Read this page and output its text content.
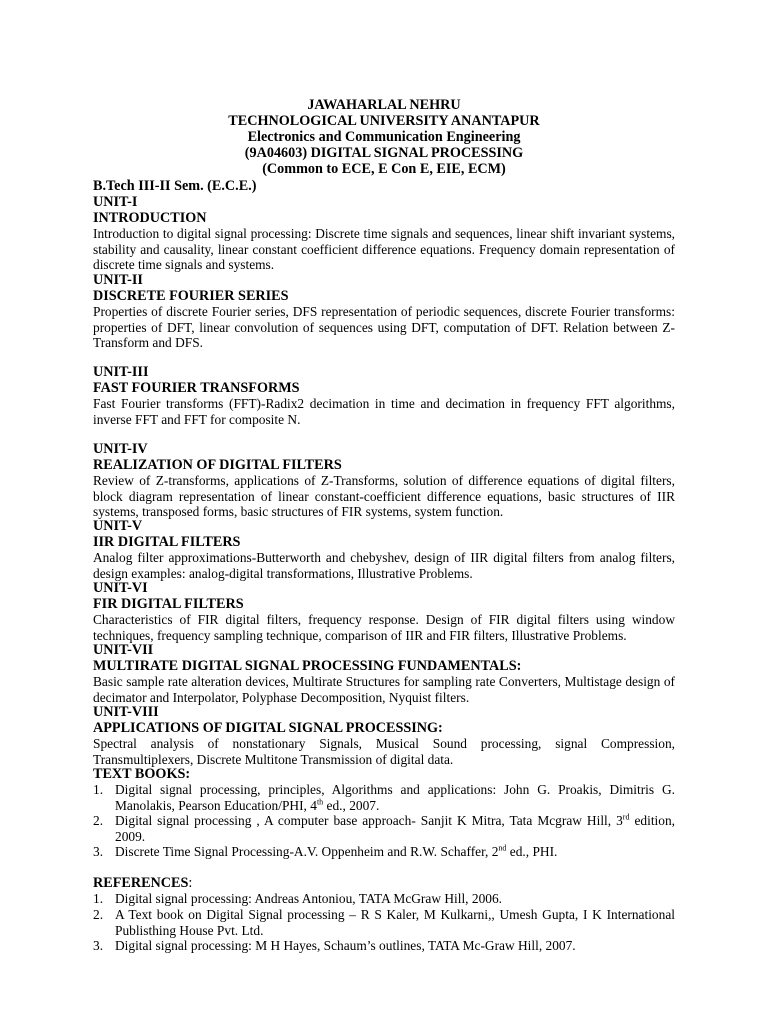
JAWAHARLAL NEHRU
TECHNOLOGICAL UNIVERSITY ANANTAPUR
Electronics and Communication Engineering
(9A04603) DIGITAL SIGNAL PROCESSING
(Common to ECE, E Con E, EIE, ECM)
B.Tech III-II Sem. (E.C.E.)
UNIT-I
INTRODUCTION
Introduction to digital signal processing: Discrete time signals and sequences, linear shift invariant systems, stability and causality, linear constant coefficient difference equations. Frequency domain representation of discrete time signals and systems.
UNIT-II
DISCRETE FOURIER SERIES
Properties of discrete Fourier series, DFS representation of periodic sequences, discrete Fourier transforms: properties of DFT, linear convolution of sequences using DFT, computation of DFT. Relation between Z-Transform and DFS.
UNIT-III
FAST FOURIER TRANSFORMS
Fast Fourier transforms (FFT)-Radix2 decimation in time and decimation in frequency FFT algorithms, inverse FFT and FFT for composite N.
UNIT-IV
REALIZATION OF DIGITAL FILTERS
Review of Z-transforms, applications of Z-Transforms, solution of difference equations of digital filters, block diagram representation of linear constant-coefficient difference equations, basic structures of IIR systems, transposed forms, basic structures of FIR systems, system function.
UNIT-V
IIR DIGITAL FILTERS
Analog filter approximations-Butterworth and chebyshev, design of IIR digital filters from analog filters, design examples: analog-digital transformations, Illustrative Problems.
UNIT-VI
FIR DIGITAL FILTERS
Characteristics of FIR digital filters, frequency response. Design of FIR digital filters using window techniques, frequency sampling technique, comparison of IIR and FIR filters, Illustrative Problems.
UNIT-VII
MULTIRATE DIGITAL SIGNAL PROCESSING FUNDAMENTALS:
Basic sample rate alteration devices, Multirate Structures for sampling rate Converters, Multistage design of decimator and Interpolator, Polyphase Decomposition, Nyquist filters.
UNIT-VIII
APPLICATIONS OF DIGITAL SIGNAL PROCESSING:
Spectral analysis of nonstationary Signals, Musical Sound processing, signal Compression, Transmultiplexers, Discrete Multitone Transmission of digital data.
TEXT BOOKS:
1. Digital signal processing, principles, Algorithms and applications: John G. Proakis, Dimitris G. Manolakis, Pearson Education/PHI, 4th ed., 2007.
2. Digital signal processing , A computer base approach- Sanjit K Mitra, Tata Mcgraw Hill, 3rd edition, 2009.
3. Discrete Time Signal Processing-A.V. Oppenheim and R.W. Schaffer, 2nd ed., PHI.
REFERENCES:
1. Digital signal processing: Andreas Antoniou, TATA McGraw Hill, 2006.
2. A Text book on Digital Signal processing – R S Kaler, M Kulkarni,, Umesh Gupta, I K International Publisthing House Pvt. Ltd.
3. Digital signal processing: M H Hayes, Schaum’s outlines, TATA Mc-Graw Hill, 2007.
